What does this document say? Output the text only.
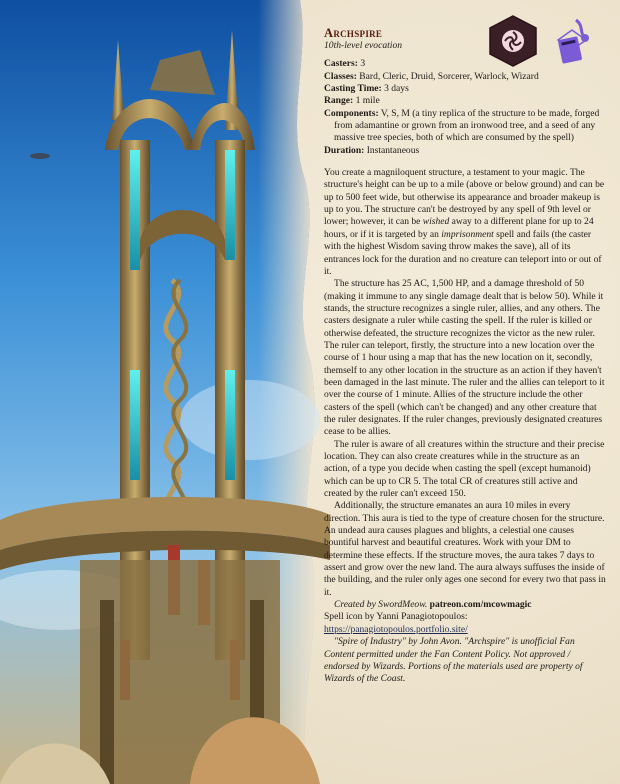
Archspire
10th-level evocation

Casters: 3

Classes: Bard, Cleric, Druid, Sorcerer, Warlock, Wizard

Casting Time: 3 days

Range: 1 mile

Components: V, S, M (a tiny replica of the structure to be made, forged from adamantine or grown from an ironwood tree, and a seed of any massive tree species, both of which are consumed by the spell)

Duration: Instantaneous

You create a magniloquent structure, a testament to your magic. The structure's height can be up to a mile (above or below ground) and can be up to 500 feet wide, but otherwise its appearance and broader makeup is up to you. The structure can't be destroyed by any spell of 9th level or lower; however, it can be wished away to a different plane for up to 24 hours, or if it is targeted by an imprisonment spell and fails (the caster with the highest Wisdom saving throw makes the save), all of its entrances lock for the duration and no creature can teleport into or out of it.

The structure has 25 AC, 1,500 HP, and a damage threshold of 50 (making it immune to any single damage dealt that is below 50). While it stands, the structure recognizes a single ruler, allies, and any others. The casters designate a ruler while casting the spell. If the ruler is killed or otherwise defeated, the structure recognizes the victor as the new ruler. The ruler can teleport, firstly, the structure into a new location over the course of 1 hour using a map that has the new location on it, secondly, themself to any other location in the structure as an action if they haven't been damaged in the last minute. The ruler and the allies can teleport to it over the course of 1 minute. Allies of the structure include the other casters of the spell (which can't be changed) and any other creature that the ruler designates. If the ruler changes, previously designated creatures cease to be allies.

The ruler is aware of all creatures within the structure and their precise location. They can also create creatures while in the structure as an action, of a type you decide when casting the spell (except humanoid) which can be up to CR 5. The total CR of creatures still active and created by the ruler can't exceed 150.

Additionally, the structure emanates an aura 10 miles in every direction. This aura is tied to the type of creature chosen for the structure. An undead aura causes plagues and blights, a celestial one causes bountiful harvest and beautiful creatures. Work with your DM to determine these effects. If the structure moves, the aura takes 7 days to assert and grow over the new land. The aura always suffuses the inside of the building, and the ruler only ages one second for every two that pass in it.

Created by SwordMeow. patreon.com/mcowmagic

Spell icon by Yanni Panagiotopoulos:

https://panagiotopoulos.portfolio.site/

"Spire of Industry" by John Avon. "Archspire" is unofficial Fan Content permitted under the Fan Content Policy. Not approved / endorsed by Wizards. Portions of the materials used are property of Wizards of the Coast.
